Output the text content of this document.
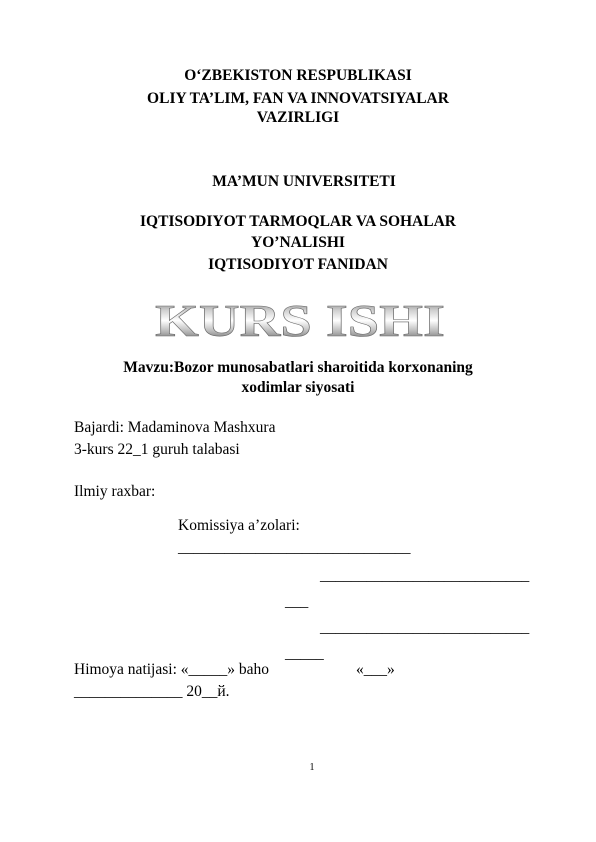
O‘ZBEKISTON RESPUBLIKASI
OLIY TA’LIM, FAN VA INNOVATSIYALAR
VAZIRLIGI
MA’MUN UNIVERSITETI
IQTISODIYOT TARMOQLAR VA SOHALAR
YO’NALISHI
IQTISODIYOT FANIDAN
KURS ISHI
Mavzu:Bozor munosabatlari sharoitida korxonaning
xodimlar siyosati
Bajardi: Madaminova Mashxura
3-kurs 22_1 guruh talabasi
Ilmiy raxbar:
Komissiya a’zolari:
______________________________
___________________________
___
___________________________
_____
Himoya natijasi: «_____» baho	«___»
______________ 20__й.
1
